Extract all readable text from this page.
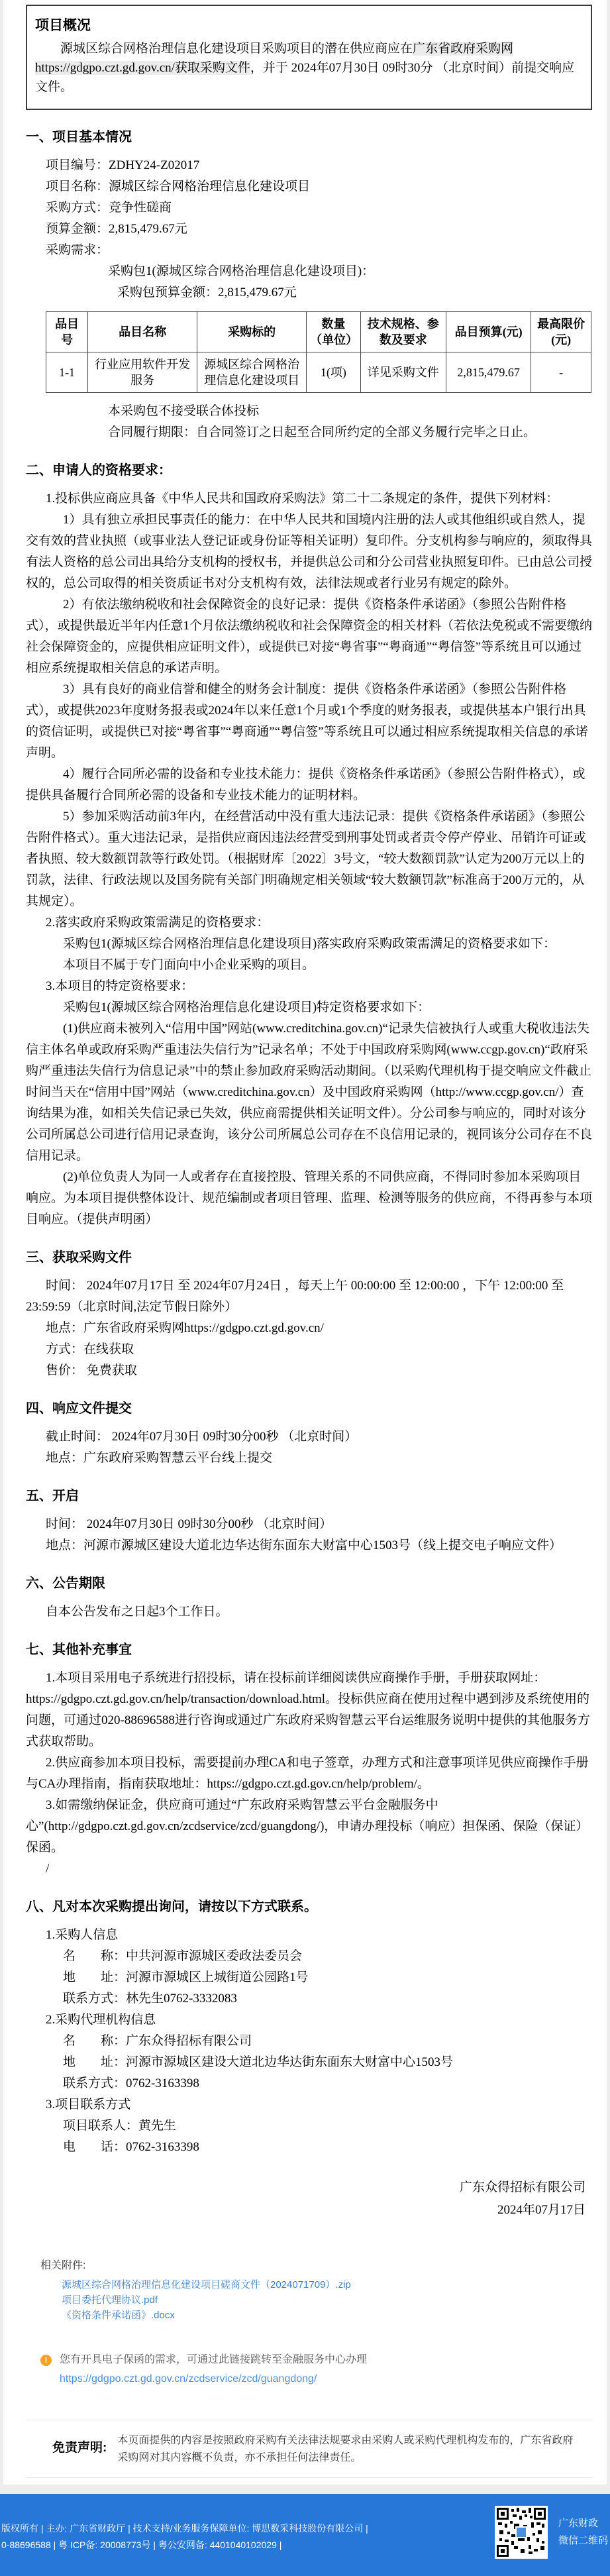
项目概况

源城区综合网格治理信息化建设项目采购项目的潜在供应商应在广东省政府采购网https://gdgpo.czt.gd.gov.cn/获取采购文件，并于 2024年07月30日 09时30分 （北京时间）前提交响应文件。

一、项目基本情况

项目编号：ZDHY24-Z02017

项目名称：源城区综合网格治理信息化建设项目

采购方式：竞争性磋商

预算金额：2,815,479.67元

采购需求：

采购包1(源城区综合网格治理信息化建设项目)：

采购包预算金额：2,815,479.67元

品目号	品目名称	采购标的	数量（单位）	技术规格、参数及要求	品目预算(元)	最高限价(元)
1-1	行业应用软件开发服务	源城区综合网格治理信息化建设项目	1(项)	详见采购文件	2,815,479.67	-

本采购包不接受联合体投标

合同履行期限：自合同签订之日起至合同所约定的全部义务履行完毕之日止。

二、申请人的资格要求：

1.投标供应商应具备《中华人民共和国政府采购法》第二十二条规定的条件，提供下列材料：

1）具有独立承担民事责任的能力：在中华人民共和国境内注册的法人或其他组织或自然人，提交有效的营业执照（或事业法人登记证或身份证等相关证明）复印件。分支机构参与响应的，须取得具有法人资格的总公司出具给分支机构的授权书，并提供总公司和分公司营业执照复印件。已由总公司授权的，总公司取得的相关资质证书对分支机构有效，法律法规或者行业另有规定的除外。

2）有依法缴纳税收和社会保障资金的良好记录：提供《资格条件承诺函》（参照公告附件格式），或提供最近半年内任意1个月依法缴纳税收和社会保障资金的相关材料（若依法免税或不需要缴纳社会保障资金的，应提供相应证明文件），或提供已对接“粤省事”“粤商通”“粤信签”等系统且可以通过相应系统提取相关信息的承诺声明。

3）具有良好的商业信誉和健全的财务会计制度：提供《资格条件承诺函》（参照公告附件格式），或提供2023年度财务报表或2024年以来任意1个月或1个季度的财务报表，或提供基本户银行出具的资信证明，或提供已对接“粤省事”“粤商通”“粤信签”等系统且可以通过相应系统提取相关信息的承诺声明。

4）履行合同所必需的设备和专业技术能力：提供《资格条件承诺函》（参照公告附件格式），或提供具备履行合同所必需的设备和专业技术能力的证明材料。

5）参加采购活动前3年内，在经营活动中没有重大违法记录：提供《资格条件承诺函》（参照公告附件格式）。重大违法记录，是指供应商因违法经营受到刑事处罚或者责令停产停业、吊销许可证或者执照、较大数额罚款等行政处罚。（根据财库〔2022〕3号文，“较大数额罚款”认定为200万元以上的罚款，法律、行政法规以及国务院有关部门明确规定相关领域“较大数额罚款”标准高于200万元的，从其规定）。

2.落实政府采购政策需满足的资格要求：

采购包1(源城区综合网格治理信息化建设项目)落实政府采购政策需满足的资格要求如下：

本项目不属于专门面向中小企业采购的项目。

3.本项目的特定资格要求：

采购包1(源城区综合网格治理信息化建设项目)特定资格要求如下：

(1)供应商未被列入“信用中国”网站(www.creditchina.gov.cn)“记录失信被执行人或重大税收违法失信主体名单或政府采购严重违法失信行为”记录名单；不处于中国政府采购网(www.ccgp.gov.cn)“政府采购严重违法失信行为信息记录”中的禁止参加政府采购活动期间。（以采购代理机构于提交响应文件截止时间当天在“信用中国”网站（www.creditchina.gov.cn）及中国政府采购网（http://www.ccgp.gov.cn/）查询结果为准，如相关失信记录已失效，供应商需提供相关证明文件）。分公司参与响应的，同时对该分公司所属总公司进行信用记录查询，该分公司所属总公司存在不良信用记录的，视同该分公司存在不良信用记录。

(2)单位负责人为同一人或者存在直接控股、管理关系的不同供应商，不得同时参加本采购项目响应。为本项目提供整体设计、规范编制或者项目管理、监理、检测等服务的供应商，不得再参与本项目响应。（提供声明函）

三、获取采购文件

时间： 2024年07月17日 至 2024年07月24日 ，每天上午 00:00:00 至 12:00:00 ，下午 12:00:00 至 23:59:59（北京时间,法定节假日除外）

地点：广东省政府采购网https://gdgpo.czt.gd.gov.cn/

方式：在线获取

售价： 免费获取

四、响应文件提交

截止时间： 2024年07月30日 09时30分00秒 （北京时间）

地点：广东政府采购智慧云平台线上提交

五、开启

时间： 2024年07月30日 09时30分00秒 （北京时间）

地点：河源市源城区建设大道北边华达街东面东大财富中心1503号（线上提交电子响应文件）

六、公告期限

自本公告发布之日起3个工作日。

七、其他补充事宜

1.本项目采用电子系统进行招投标，请在投标前详细阅读供应商操作手册，手册获取网址：https://gdgpo.czt.gd.gov.cn/help/transaction/download.html。投标供应商在使用过程中遇到涉及系统使用的问题，可通过020-88696588进行咨询或通过广东政府采购智慧云平台运维服务说明中提供的其他服务方式获取帮助。

2.供应商参加本项目投标，需要提前办理CA和电子签章，办理方式和注意事项详见供应商操作手册与CA办理指南，指南获取地址：https://gdgpo.czt.gd.gov.cn/help/problem/。

3.如需缴纳保证金，供应商可通过“广东政府采购智慧云平台金融服务中心”(http://gdgpo.czt.gd.gov.cn/zcdservice/zcd/guangdong/)，申请办理投标（响应）担保函、保险（保证）保函。

/

八、凡对本次采购提出询问，请按以下方式联系。

1.采购人信息

名　　称：中共河源市源城区委政法委员会

地　　址：河源市源城区上城街道公园路1号

联系方式：林先生0762-3332083

2.采购代理机构信息

名　　称：广东众得招标有限公司

地　　址：河源市源城区建设大道北边华达街东面东大财富中心1503号

联系方式：0762-3163398

3.项目联系方式

项目联系人：黄先生

电　　话：0762-3163398

广东众得招标有限公司

2024年07月17日

相关附件:

源城区综合网格治理信息化建设项目磋商文件（2024071709）.zip
项目委托代理协议.pdf
《资格条件承诺函》.docx
!	您有开具电子保函的需求，可通过此链接跳转至金融服务中心办理
https://gdgpo.czt.gd.gov.cn/zcdservice/zcd/guangdong/
免责声明:
本页面提供的内容是按照政府采购有关法律法规要求由采购人或采购代理机构发布的，广东省政府采购网对其内容概不负责，亦不承担任何法律责任。
版权所有 | 主办: 广东省财政厅 | 技术支持/业务服务保障单位: 博思数采科技股份有限公司 |
0-88696588 | 粤 ICP备: 20008773号 | 粤公安网备: 4401040102029 |
广东财政
微信二维码
